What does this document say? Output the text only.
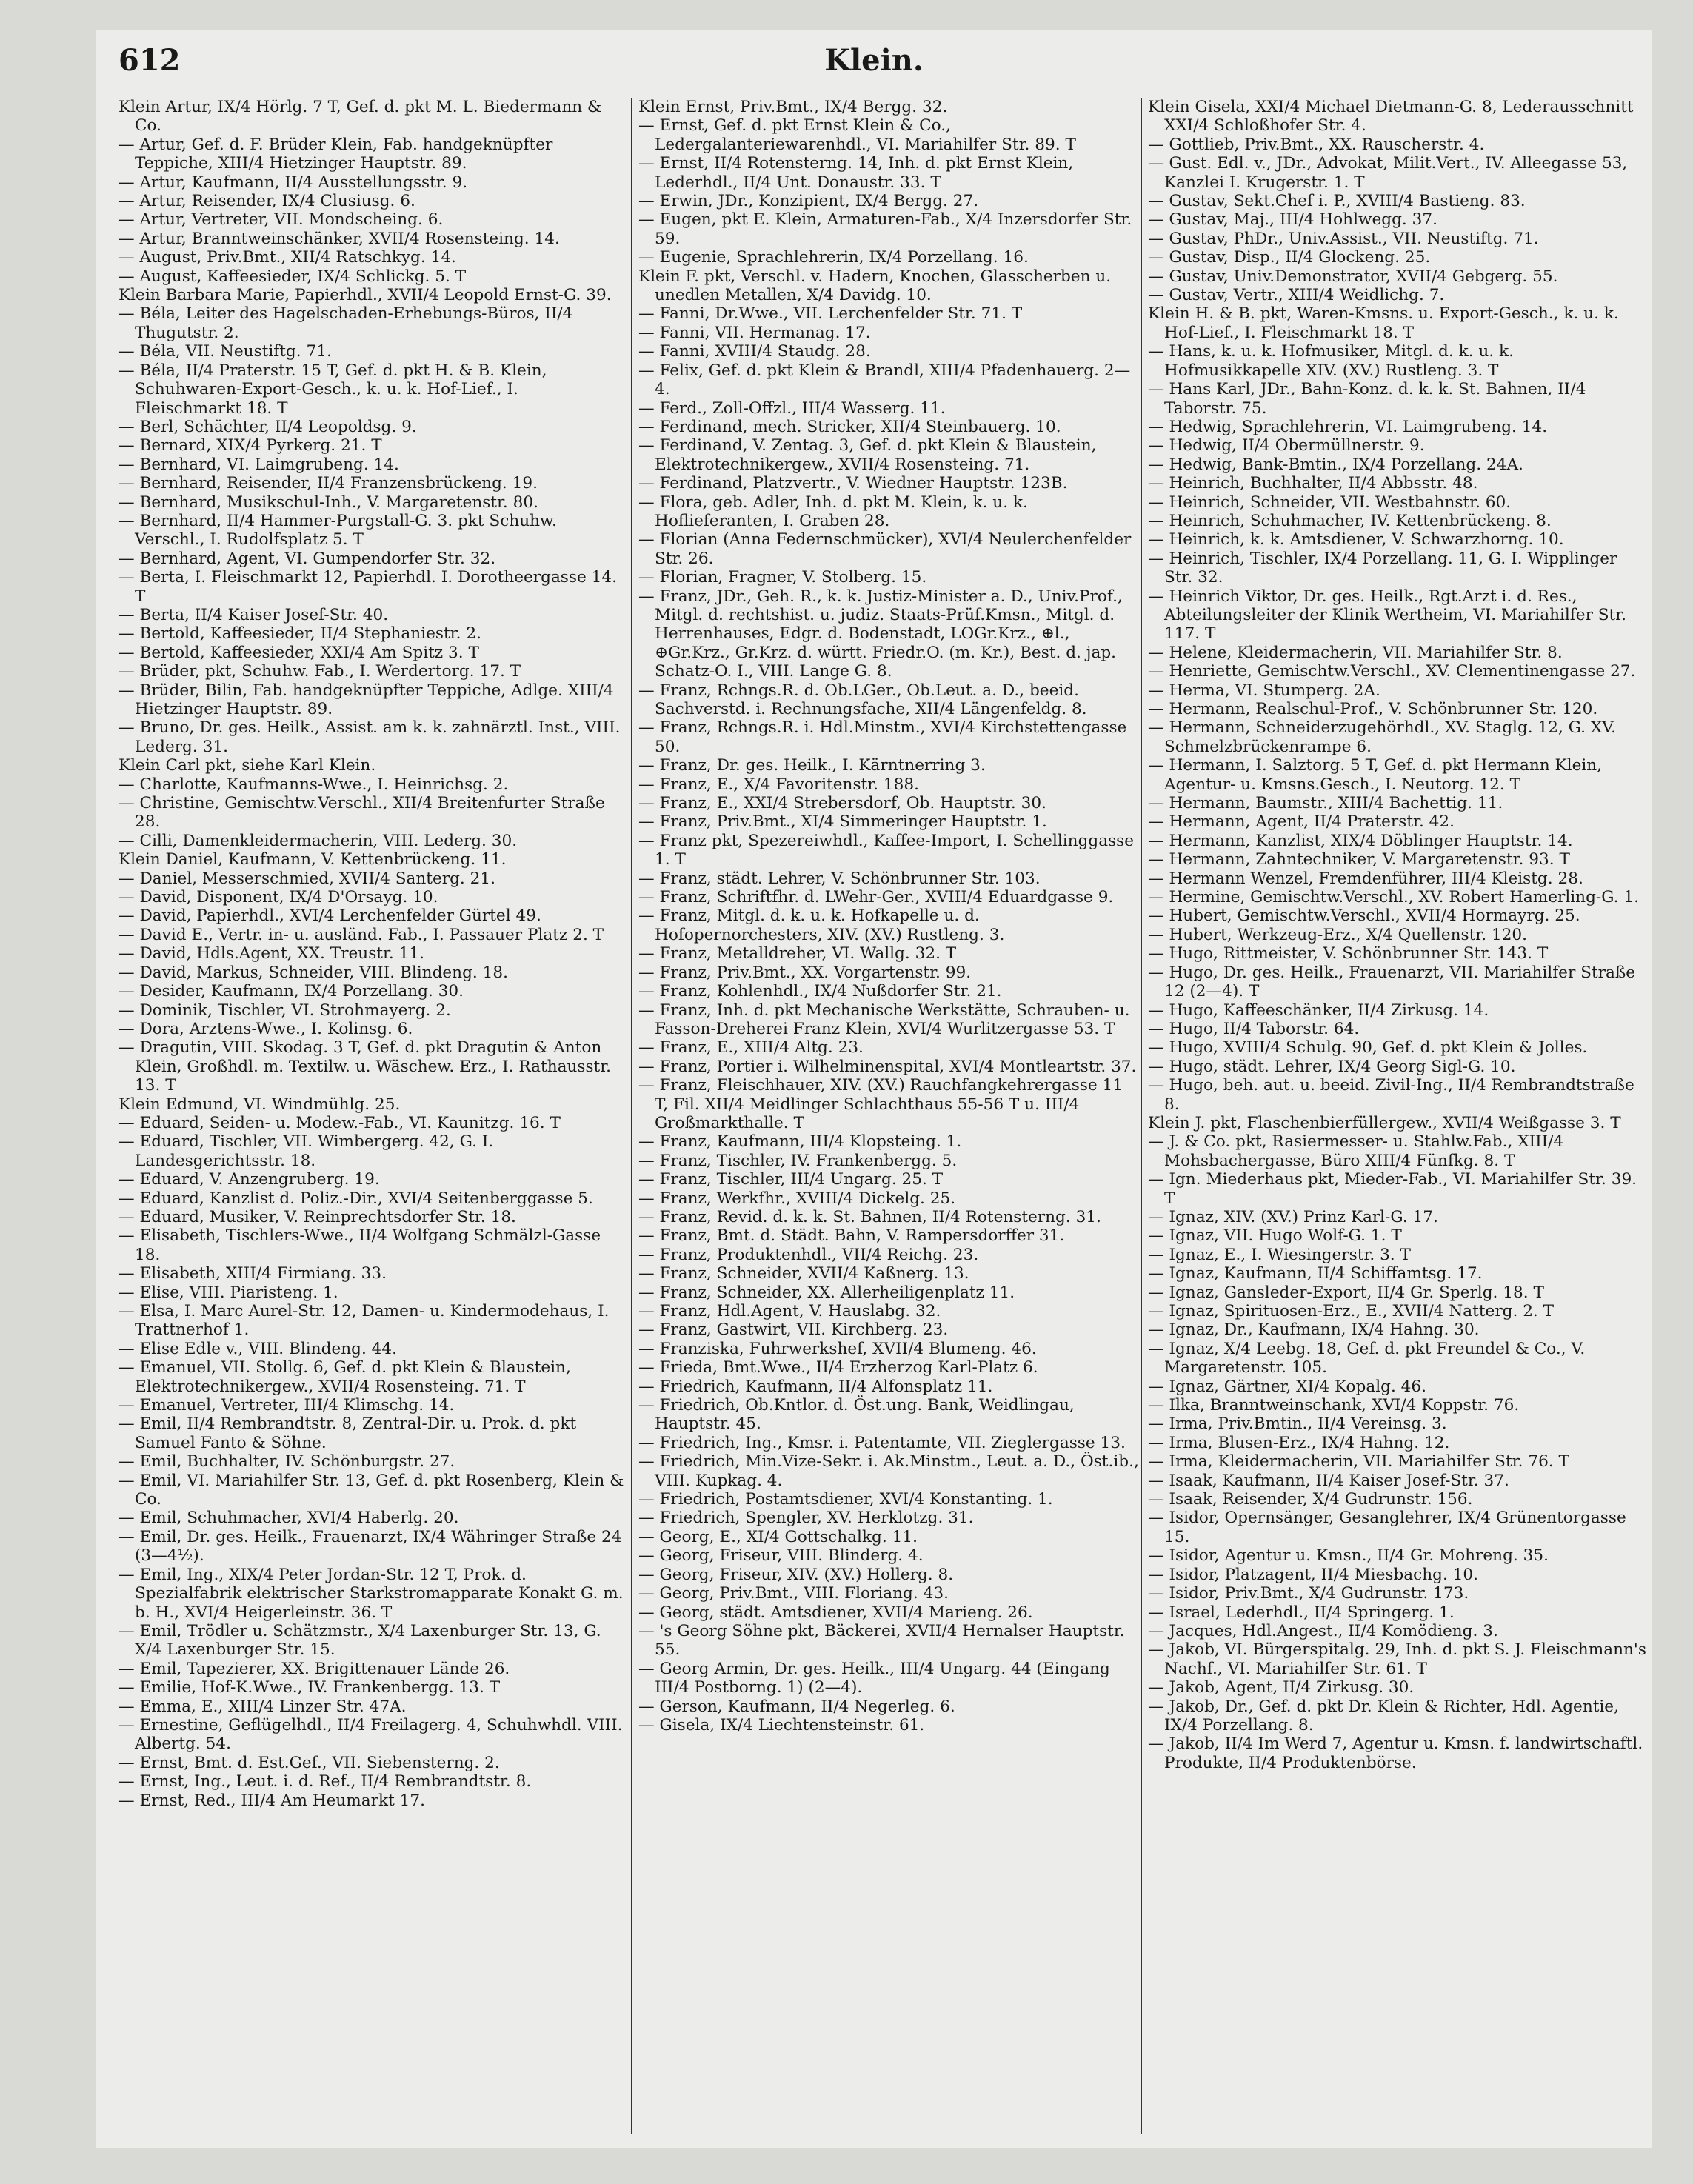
612	Klein.

Klein Artur, IX/4 Hörlg. 7 T, Gef. d. pkt M. L. Biedermann & Co.

— Artur, Gef. d. F. Brüder Klein, Fab. handgeknüpfter Teppiche, XIII/4 Hietzinger Hauptstr. 89.

— Artur, Kaufmann, II/4 Ausstellungsstr. 9.

— Artur, Reisender, IX/4 Clusiusg. 6.

— Artur, Vertreter, VII. Mondscheing. 6.

— Artur, Branntweinschänker, XVII/4 Rosensteing. 14.

— August, Priv.Bmt., XII/4 Ratschkyg. 14.

— August, Kaffeesieder, IX/4 Schlickg. 5. T

Klein Barbara Marie, Papierhdl., XVII/4 Leopold Ernst-G. 39.

— Béla, Leiter des Hagelschaden-Erhebungs-Büros, II/4 Thugutstr. 2.

— Béla, VII. Neustiftg. 71.

— Béla, II/4 Praterstr. 15 T, Gef. d. pkt H. & B. Klein, Schuhwaren-Export-Gesch., k. u. k. Hof-Lief., I. Fleischmarkt 18. T

— Berl, Schächter, II/4 Leopoldsg. 9.

— Bernard, XIX/4 Pyrkerg. 21. T

— Bernhard, VI. Laimgrubeng. 14.

— Bernhard, Reisender, II/4 Franzensbrückeng. 19.

— Bernhard, Musikschul-Inh., V. Margaretenstr. 80.

— Bernhard, II/4 Hammer-Purgstall-G. 3. pkt Schuhw. Verschl., I. Rudolfsplatz 5. T

— Bernhard, Agent, VI. Gumpendorfer Str. 32.

— Berta, I. Fleischmarkt 12, Papierhdl. I. Dorotheergasse 14. T

— Berta, II/4 Kaiser Josef-Str. 40.

— Bertold, Kaffeesieder, II/4 Stephaniestr. 2.

— Bertold, Kaffeesieder, XXI/4 Am Spitz 3. T

— Brüder, pkt, Schuhw. Fab., I. Werdertorg. 17. T

— Brüder, Bilin, Fab. handgeknüpfter Teppiche, Adlge. XIII/4 Hietzinger Hauptstr. 89.

— Bruno, Dr. ges. Heilk., Assist. am k. k. zahnärztl. Inst., VIII. Lederg. 31.

Klein Carl pkt, siehe Karl Klein.

— Charlotte, Kaufmanns-Wwe., I. Heinrichsg. 2.

— Christine, Gemischtw.Verschl., XII/4 Breitenfurter Straße 28.

— Cilli, Damenkleidermacherin, VIII. Lederg. 30.

Klein Daniel, Kaufmann, V. Kettenbrückeng. 11.

— Daniel, Messerschmied, XVII/4 Santerg. 21.

— David, Disponent, IX/4 D'Orsayg. 10.

— David, Papierhdl., XVI/4 Lerchenfelder Gürtel 49.

— David E., Vertr. in- u. ausländ. Fab., I. Passauer Platz 2. T

— David, Hdls.Agent, XX. Treustr. 11.

— David, Markus, Schneider, VIII. Blindeng. 18.

— Desider, Kaufmann, IX/4 Porzellang. 30.

— Dominik, Tischler, VI. Strohmayerg. 2.

— Dora, Arztens-Wwe., I. Kolinsg. 6.

— Dragutin, VIII. Skodag. 3 T, Gef. d. pkt Dragutin & Anton Klein, Großhdl. m. Textilw. u. Wäschew. Erz., I. Rathausstr. 13. T

Klein Edmund, VI. Windmühlg. 25.

— Eduard, Seiden- u. Modew.-Fab., VI. Kaunitzg. 16. T

— Eduard, Tischler, VII. Wimbergerg. 42, G. I. Landesgerichtsstr. 18.

— Eduard, V. Anzengruberg. 19.

— Eduard, Kanzlist d. Poliz.-Dir., XVI/4 Seitenberggasse 5.

— Eduard, Musiker, V. Reinprechtsdorfer Str. 18.

— Elisabeth, Tischlers-Wwe., II/4 Wolfgang Schmälzl-Gasse 18.

— Elisabeth, XIII/4 Firmiang. 33.

— Elise, VIII. Piaristeng. 1.

— Elsa, I. Marc Aurel-Str. 12, Damen- u. Kindermodehaus, I. Trattnerhof 1.

— Elise Edle v., VIII. Blindeng. 44.

— Emanuel, VII. Stollg. 6, Gef. d. pkt Klein & Blaustein, Elektrotechnikergew., XVII/4 Rosensteing. 71. T

— Emanuel, Vertreter, III/4 Klimschg. 14.

— Emil, II/4 Rembrandtstr. 8, Zentral-Dir. u. Prok. d. pkt Samuel Fanto & Söhne.

— Emil, Buchhalter, IV. Schönburgstr. 27.

— Emil, VI. Mariahilfer Str. 13, Gef. d. pkt Rosenberg, Klein & Co.

— Emil, Schuhmacher, XVI/4 Haberlg. 20.

— Emil, Dr. ges. Heilk., Frauenarzt, IX/4 Währinger Straße 24 (3—4½).

— Emil, Ing., XIX/4 Peter Jordan-Str. 12 T, Prok. d. Spezialfabrik elektrischer Starkstromapparate Konakt G. m. b. H., XVI/4 Heigerleinstr. 36. T

— Emil, Trödler u. Schätzmstr., X/4 Laxenburger Str. 13, G. X/4 Laxenburger Str. 15.

— Emil, Tapezierer, XX. Brigittenauer Lände 26.

— Emilie, Hof-K.Wwe., IV. Frankenbergg. 13. T

— Emma, E., XIII/4 Linzer Str. 47A.

— Ernestine, Geflügelhdl., II/4 Freilagerg. 4, Schuhwhdl. VIII. Albertg. 54.

— Ernst, Bmt. d. Est.Gef., VII. Siebensterng. 2.

— Ernst, Ing., Leut. i. d. Ref., II/4 Rembrandtstr. 8.

— Ernst, Red., III/4 Am Heumarkt 17.

Klein Ernst, Priv.Bmt., IX/4 Bergg. 32.

— Ernst, Gef. d. pkt Ernst Klein & Co., Ledergalanteriewarenhdl., VI. Mariahilfer Str. 89. T

— Ernst, II/4 Rotensterng. 14, Inh. d. pkt Ernst Klein, Lederhdl., II/4 Unt. Donaustr. 33. T

— Erwin, JDr., Konzipient, IX/4 Bergg. 27.

— Eugen, pkt E. Klein, Armaturen-Fab., X/4 Inzersdorfer Str. 59.

— Eugenie, Sprachlehrerin, IX/4 Porzellang. 16.

Klein F. pkt, Verschl. v. Hadern, Knochen, Glasscherben u. unedlen Metallen, X/4 Davidg. 10.

— Fanni, Dr.Wwe., VII. Lerchenfelder Str. 71. T

— Fanni, VII. Hermanag. 17.

— Fanni, XVIII/4 Staudg. 28.

— Felix, Gef. d. pkt Klein & Brandl, XIII/4 Pfadenhauerg. 2—4.

— Ferd., Zoll-Offzl., III/4 Wasserg. 11.

— Ferdinand, mech. Stricker, XII/4 Steinbauerg. 10.

— Ferdinand, V. Zentag. 3, Gef. d. pkt Klein & Blaustein, Elektrotechnikergew., XVII/4 Rosensteing. 71.

— Ferdinand, Platzvertr., V. Wiedner Hauptstr. 123B.

— Flora, geb. Adler, Inh. d. pkt M. Klein, k. u. k. Hoflieferanten, I. Graben 28.

— Florian (Anna Federnschmücker), XVI/4 Neulerchenfelder Str. 26.

— Florian, Fragner, V. Stolberg. 15.

— Franz, JDr., Geh. R., k. k. Justiz-Minister a. D., Univ.Prof., Mitgl. d. rechtshist. u. judiz. Staats-Prüf.Kmsn., Mitgl. d. Herrenhauses, Edgr. d. Bodenstadt, LOGr.Krz., ⊕l., ⊕Gr.Krz., Gr.Krz. d. württ. Friedr.O. (m. Kr.), Best. d. jap. Schatz-O. I., VIII. Lange G. 8.

— Franz, Rchngs.R. d. Ob.LGer., Ob.Leut. a. D., beeid. Sachverstd. i. Rechnungsfache, XII/4 Längenfeldg. 8.

— Franz, Rchngs.R. i. Hdl.Minstm., XVI/4 Kirchstettengasse 50.

— Franz, Dr. ges. Heilk., I. Kärntnerring 3.

— Franz, E., X/4 Favoritenstr. 188.

— Franz, E., XXI/4 Strebersdorf, Ob. Hauptstr. 30.

— Franz, Priv.Bmt., XI/4 Simmeringer Hauptstr. 1.

— Franz pkt, Spezereiwhdl., Kaffee-Import, I. Schellinggasse 1. T

— Franz, städt. Lehrer, V. Schönbrunner Str. 103.

— Franz, Schriftfhr. d. LWehr-Ger., XVIII/4 Eduardgasse 9.

— Franz, Mitgl. d. k. u. k. Hofkapelle u. d. Hofopernorchesters, XIV. (XV.) Rustleng. 3.

— Franz, Metalldreher, VI. Wallg. 32. T

— Franz, Priv.Bmt., XX. Vorgartenstr. 99.

— Franz, Kohlenhdl., IX/4 Nußdorfer Str. 21.

— Franz, Inh. d. pkt Mechanische Werkstätte, Schrauben- u. Fasson-Dreherei Franz Klein, XVI/4 Wurlitzergasse 53. T

— Franz, E., XIII/4 Altg. 23.

— Franz, Portier i. Wilhelminenspital, XVI/4 Montleartstr. 37.

— Franz, Fleischhauer, XIV. (XV.) Rauchfangkehrergasse 11 T, Fil. XII/4 Meidlinger Schlachthaus 55-56 T u. III/4 Großmarkthalle. T

— Franz, Kaufmann, III/4 Klopsteing. 1.

— Franz, Tischler, IV. Frankenbergg. 5.

— Franz, Tischler, III/4 Ungarg. 25. T

— Franz, Werkfhr., XVIII/4 Dickelg. 25.

— Franz, Revid. d. k. k. St. Bahnen, II/4 Rotensterng. 31.

— Franz, Bmt. d. Städt. Bahn, V. Rampersdorffer 31.

— Franz, Produktenhdl., VII/4 Reichg. 23.

— Franz, Schneider, XVII/4 Kaßnerg. 13.

— Franz, Schneider, XX. Allerheiligenplatz 11.

— Franz, Hdl.Agent, V. Hauslabg. 32.

— Franz, Gastwirt, VII. Kirchberg. 23.

— Franziska, Fuhrwerkshef, XVII/4 Blumeng. 46.

— Frieda, Bmt.Wwe., II/4 Erzherzog Karl-Platz 6.

— Friedrich, Kaufmann, II/4 Alfonsplatz 11.

— Friedrich, Ob.Kntlor. d. Öst.ung. Bank, Weidlingau, Hauptstr. 45.

— Friedrich, Ing., Kmsr. i. Patentamte, VII. Zieglergasse 13.

— Friedrich, Min.Vize-Sekr. i. Ak.Minstm., Leut. a. D., Öst.ib., VIII. Kupkag. 4.

— Friedrich, Postamtsdiener, XVI/4 Konstanting. 1.

— Friedrich, Spengler, XV. Herklotzg. 31.

— Georg, E., XI/4 Gottschalkg. 11.

— Georg, Friseur, VIII. Blinderg. 4.

— Georg, Friseur, XIV. (XV.) Hollerg. 8.

— Georg, Priv.Bmt., VIII. Floriang. 43.

— Georg, städt. Amtsdiener, XVII/4 Marieng. 26.

— 's Georg Söhne pkt, Bäckerei, XVII/4 Hernalser Hauptstr. 55.

— Georg Armin, Dr. ges. Heilk., III/4 Ungarg. 44 (Eingang III/4 Postborng. 1) (2—4).

— Gerson, Kaufmann, II/4 Negerleg. 6.

— Gisela, IX/4 Liechtensteinstr. 61.

Klein Gisela, XXI/4 Michael Dietmann-G. 8, Lederausschnitt XXI/4 Schloßhofer Str. 4.

— Gottlieb, Priv.Bmt., XX. Rauscherstr. 4.

— Gust. Edl. v., JDr., Advokat, Milit.Vert., IV. Alleegasse 53, Kanzlei I. Krugerstr. 1. T

— Gustav, Sekt.Chef i. P., XVIII/4 Bastieng. 83.

— Gustav, Maj., III/4 Hohlwegg. 37.

— Gustav, PhDr., Univ.Assist., VII. Neustiftg. 71.

— Gustav, Disp., II/4 Glockeng. 25.

— Gustav, Univ.Demonstrator, XVII/4 Gebgerg. 55.

— Gustav, Vertr., XIII/4 Weidlichg. 7.

Klein H. & B. pkt, Waren-Kmsns. u. Export-Gesch., k. u. k. Hof-Lief., I. Fleischmarkt 18. T

— Hans, k. u. k. Hofmusiker, Mitgl. d. k. u. k. Hofmusikkapelle XIV. (XV.) Rustleng. 3. T

— Hans Karl, JDr., Bahn-Konz. d. k. k. St. Bahnen, II/4 Taborstr. 75.

— Hedwig, Sprachlehrerin, VI. Laimgrubeng. 14.

— Hedwig, II/4 Obermüllnerstr. 9.

— Hedwig, Bank-Bmtin., IX/4 Porzellang. 24A.

— Heinrich, Buchhalter, II/4 Abbsstr. 48.

— Heinrich, Schneider, VII. Westbahnstr. 60.

— Heinrich, Schuhmacher, IV. Kettenbrückeng. 8.

— Heinrich, k. k. Amtsdiener, V. Schwarzhorng. 10.

— Heinrich, Tischler, IX/4 Porzellang. 11, G. I. Wipplinger Str. 32.

— Heinrich Viktor, Dr. ges. Heilk., Rgt.Arzt i. d. Res., Abteilungsleiter der Klinik Wertheim, VI. Mariahilfer Str. 117. T

— Helene, Kleidermacherin, VII. Mariahilfer Str. 8.

— Henriette, Gemischtw.Verschl., XV. Clementinengasse 27.

— Herma, VI. Stumperg. 2A.

— Hermann, Realschul-Prof., V. Schönbrunner Str. 120.

— Hermann, Schneiderzugehörhdl., XV. Staglg. 12, G. XV. Schmelzbrückenrampe 6.

— Hermann, I. Salztorg. 5 T, Gef. d. pkt Hermann Klein, Agentur- u. Kmsns.Gesch., I. Neutorg. 12. T

— Hermann, Baumstr., XIII/4 Bachettig. 11.

— Hermann, Agent, II/4 Praterstr. 42.

— Hermann, Kanzlist, XIX/4 Döblinger Hauptstr. 14.

— Hermann, Zahntechniker, V. Margaretenstr. 93. T

— Hermann Wenzel, Fremdenführer, III/4 Kleistg. 28.

— Hermine, Gemischtw.Verschl., XV. Robert Hamerling-G. 1.

— Hubert, Gemischtw.Verschl., XVII/4 Hormayrg. 25.

— Hubert, Werkzeug-Erz., X/4 Quellenstr. 120.

— Hugo, Rittmeister, V. Schönbrunner Str. 143. T

— Hugo, Dr. ges. Heilk., Frauenarzt, VII. Mariahilfer Straße 12 (2—4). T

— Hugo, Kaffeeschänker, II/4 Zirkusg. 14.

— Hugo, II/4 Taborstr. 64.

— Hugo, XVIII/4 Schulg. 90, Gef. d. pkt Klein & Jolles.

— Hugo, städt. Lehrer, IX/4 Georg Sigl-G. 10.

— Hugo, beh. aut. u. beeid. Zivil-Ing., II/4 Rembrandtstraße 8.

Klein J. pkt, Flaschenbierfüllergew., XVII/4 Weißgasse 3. T

— J. & Co. pkt, Rasiermesser- u. Stahlw.Fab., XIII/4 Mohsbachergasse, Büro XIII/4 Fünfkg. 8. T

— Ign. Miederhaus pkt, Mieder-Fab., VI. Mariahilfer Str. 39. T

— Ignaz, XIV. (XV.) Prinz Karl-G. 17.

— Ignaz, VII. Hugo Wolf-G. 1. T

— Ignaz, E., I. Wiesingerstr. 3. T

— Ignaz, Kaufmann, II/4 Schiffamtsg. 17.

— Ignaz, Gansleder-Export, II/4 Gr. Sperlg. 18. T

— Ignaz, Spirituosen-Erz., E., XVII/4 Natterg. 2. T

— Ignaz, Dr., Kaufmann, IX/4 Hahng. 30.

— Ignaz, X/4 Leebg. 18, Gef. d. pkt Freundel & Co., V. Margaretenstr. 105.

— Ignaz, Gärtner, XI/4 Kopalg. 46.

— Ilka, Branntweinschank, XVI/4 Koppstr. 76.

— Irma, Priv.Bmtin., II/4 Vereinsg. 3.

— Irma, Blusen-Erz., IX/4 Hahng. 12.

— Irma, Kleidermacherin, VII. Mariahilfer Str. 76. T

— Isaak, Kaufmann, II/4 Kaiser Josef-Str. 37.

— Isaak, Reisender, X/4 Gudrunstr. 156.

— Isidor, Opernsänger, Gesanglehrer, IX/4 Grünentorgasse 15.

— Isidor, Agentur u. Kmsn., II/4 Gr. Mohreng. 35.

— Isidor, Platzagent, II/4 Miesbachg. 10.

— Isidor, Priv.Bmt., X/4 Gudrunstr. 173.

— Israel, Lederhdl., II/4 Springerg. 1.

— Jacques, Hdl.Angest., II/4 Komödieng. 3.

— Jakob, VI. Bürgerspitalg. 29, Inh. d. pkt S. J. Fleischmann's Nachf., VI. Mariahilfer Str. 61. T

— Jakob, Agent, II/4 Zirkusg. 30.

— Jakob, Dr., Gef. d. pkt Dr. Klein & Richter, Hdl. Agentie, IX/4 Porzellang. 8.

— Jakob, II/4 Im Werd 7, Agentur u. Kmsn. f. landwirtschaftl. Produkte, II/4 Produktenbörse.
